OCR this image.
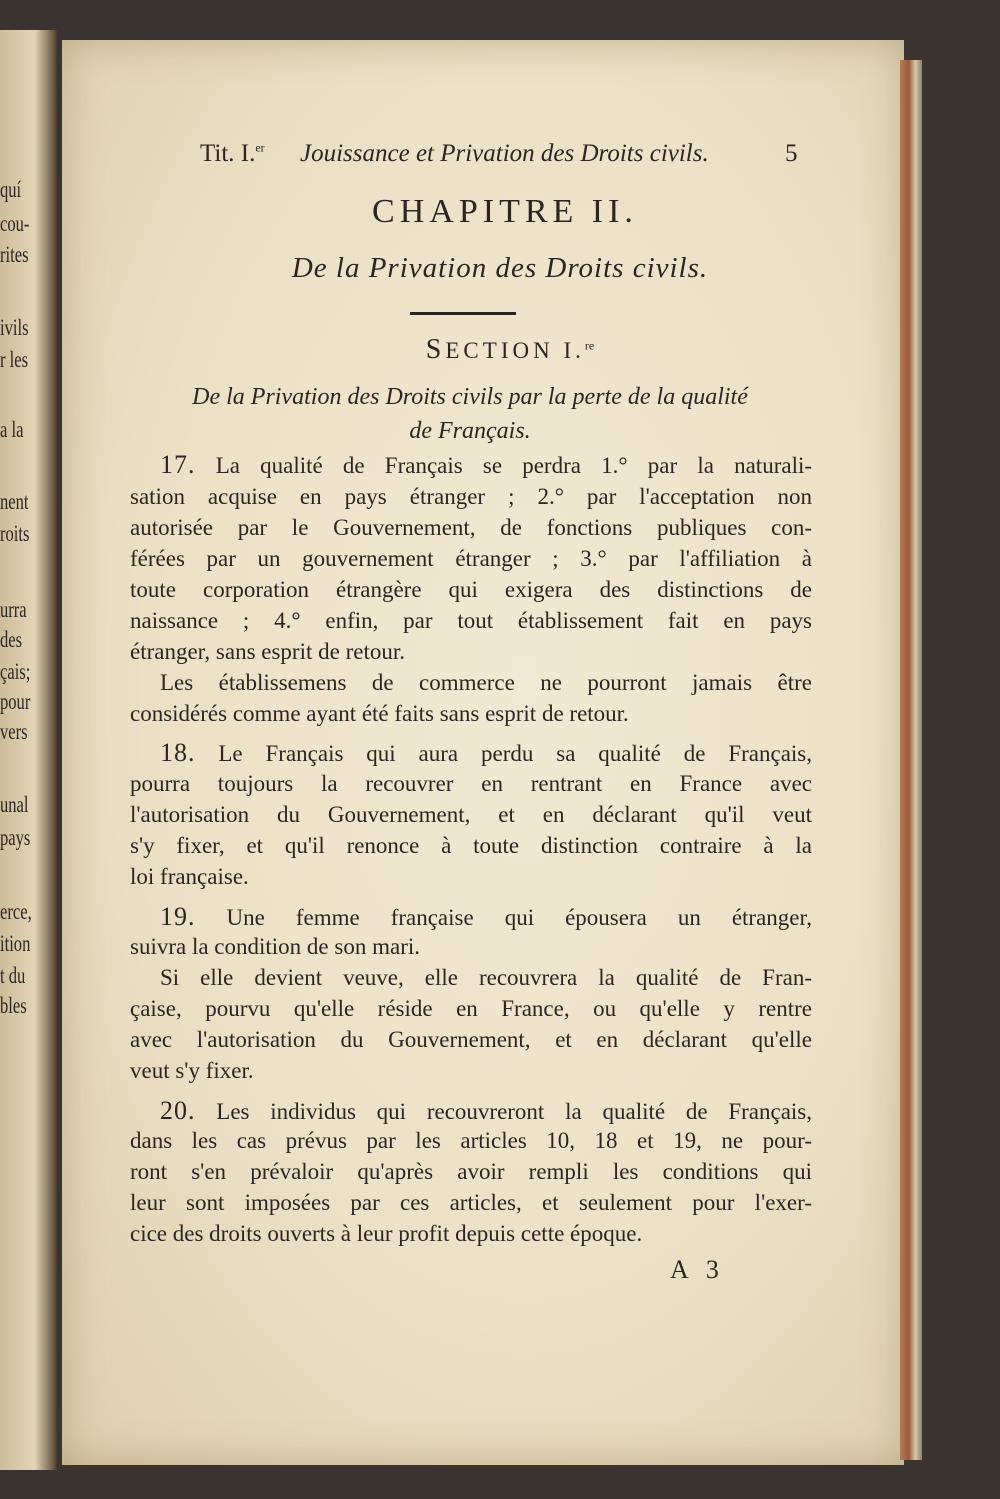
quí
cou-
rites
ivils
r les
a la
nent
roits
urra
des
çais;
pour
vers
unal
pays
erce,
ition
t du
bles
Tit. I.$^{er}$ Jouissance et Privation des Droits civils.	5
CHAPITRE II.
De la Privation des Droits civils.
SECTION I.$^{re}$
De la Privation des Droits civils par la perte de la qualité
de Français.
17. La qualité de Français se perdra 1.° par la naturali-
sation acquise en pays étranger ; 2.° par l'acceptation non
autorisée par le Gouvernement, de fonctions publiques con-
férées par un gouvernement étranger ; 3.° par l'affiliation à
toute corporation étrangère qui exigera des distinctions de
naissance ; 4.° enfin, par tout établissement fait en pays
étranger, sans esprit de retour.
Les établissemens de commerce ne pourront jamais être
considérés comme ayant été faits sans esprit de retour.
18. Le Français qui aura perdu sa qualité de Français,
pourra toujours la recouvrer en rentrant en France avec
l'autorisation du Gouvernement, et en déclarant qu'il veut
s'y fixer, et qu'il renonce à toute distinction contraire à la
loi française.
19. Une femme française qui épousera un étranger,
suivra la condition de son mari.
Si elle devient veuve, elle recouvrera la qualité de Fran-
çaise, pourvu qu'elle réside en France, ou qu'elle y rentre
avec l'autorisation du Gouvernement, et en déclarant qu'elle
veut s'y fixer.
20. Les individus qui recouvreront la qualité de Français,
dans les cas prévus par les articles 10, 18 et 19, ne pour-
ront s'en prévaloir qu'après avoir rempli les conditions qui
leur sont imposées par ces articles, et seulement pour l'exer-
cice des droits ouverts à leur profit depuis cette époque.
A 3
